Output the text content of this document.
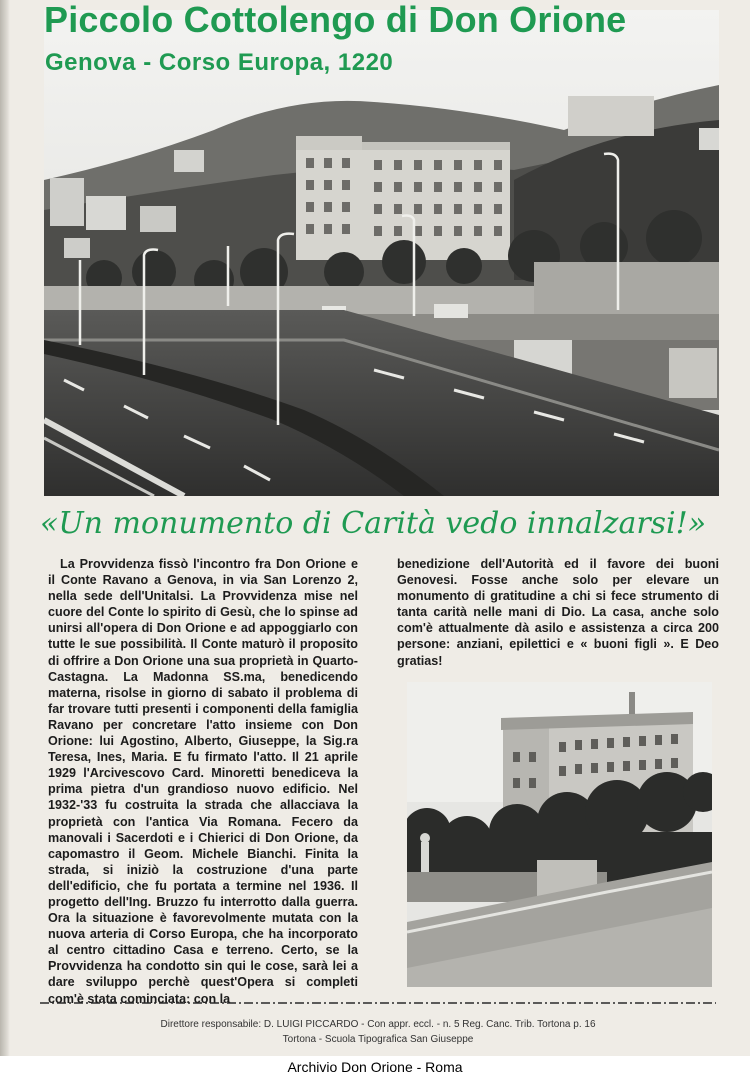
Piccolo Cottolengo di Don Orione
Genova - Corso Europa, 1220
«Un monumento di Carità vedo innalzarsi!»
La Provvidenza fissò l'incontro fra Don Orione e il Conte Ravano a Genova, in via San Lorenzo 2, nella sede dell'Unitalsi. La Provvidenza mise nel cuore del Conte lo spirito di Gesù, che lo spinse ad unirsi all'opera di Don Orione e ad appoggiarlo con tutte le sue possibilità. Il Conte maturò il proposito di offrire a Don Orione una sua proprietà in Quarto-Castagna. La Madonna SS.ma, benedicendo materna, risolse in giorno di sabato il problema di far trovare tutti presenti i componenti della famiglia Ravano per concretare l'atto insieme con Don Orione: lui Agostino, Alberto, Giuseppe, la Sig.ra Teresa, Ines, Maria. E fu firmato l'atto. Il 21 aprile 1929 l'Arcivescovo Card. Minoretti benediceva la prima pietra d'un grandioso nuovo edificio. Nel 1932-'33 fu costruita la strada che allacciava la proprietà con l'antica Via Romana. Fecero da manovali i Sacerdoti e i Chierici di Don Orione, da capomastro il Geom. Michele Bianchi. Finita la strada, si iniziò la costruzione d'una parte dell'edificio, che fu portata a termine nel 1936. Il progetto dell'Ing. Bruzzo fu interrotto dalla guerra. Ora la situazione è favorevolmente mutata con la nuova arteria di Corso Europa, che ha incorporato al centro cittadino Casa e terreno. Certo, se la Provvidenza ha condotto sin qui le cose, sarà lei a dare sviluppo perchè quest'Opera si completi com'è stata cominciata: con la
benedizione dell'Autorità ed il favore dei buoni Genovesi. Fosse anche solo per elevare un monumento di gratitudine a chi si fece strumento di tanta carità nelle mani di Dio. La casa, anche solo com'è attualmente dà asilo e assistenza a circa 200 persone: anziani, epilettici e « buoni figli ». E Deo gratias!
Direttore responsabile: D. LUIGI PICCARDO - Con appr. eccl. - n. 5 Reg. Canc. Trib. Tortona p. 16
Tortona - Scuola Tipografica San Giuseppe
Archivio Don Orione - Roma
